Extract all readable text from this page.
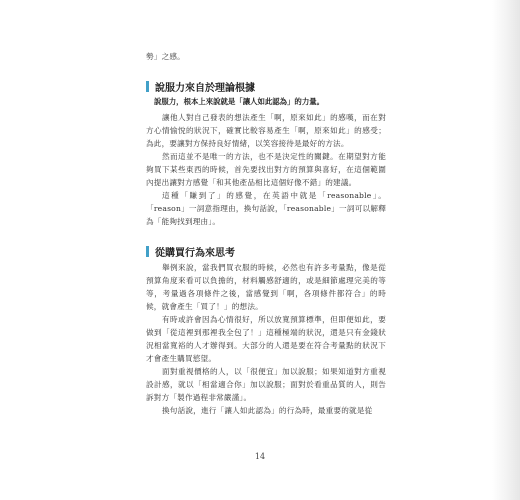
勢」之感。

說服力來自於理論根據
說服力，根本上來說就是「讓人如此認為」的力量。

讓他人對自己發表的想法產生「啊，原來如此」的感嘆，而在對方心情愉悅的狀況下，確實比較容易產生「啊，原來如此」的感受；為此，要讓對方保持良好情緒，以笑容接待是最好的方法。

然而這並不是唯一的方法，也不是決定性的關鍵。在期望對方能夠買下某些東西的時候，首先要找出對方的預算與喜好，在這個範圍內提出讓對方感覺「和其他產品相比這個好像不錯」的建議。

這種「賺到了」的感覺，在英語中就是「reasonable」。「reason」一詞意指理由，換句話說，「reasonable」一詞可以解釋為「能夠找到理由」。

從購買行為來思考

舉例來說，當我們買衣服的時候，必然也有許多考量點，像是從預算角度來看可以負擔的，材料觸感舒適的，或是細節處理完美的等等，考量過各項條件之後，當感覺到「啊，各項條件都符合」的時候，就會產生「買了！」的想法。

有時或許會因為心情很好，所以放寬預算標準，但即便如此，要做到「從這裡到那裡我全包了！」這種極端的狀況，還是只有金錢狀況相當寬裕的人才辦得到。大部分的人還是要在符合考量點的狀況下才會產生購買慾望。

面對重視價格的人，以「很便宜」加以說服；如果知道對方重視設計感，就以「相當適合你」加以說服；面對於看重品質的人，則告訴對方「製作過程非常嚴謹」。

換句話說，進行「讓人如此認為」的行為時，最重要的就是從

14
